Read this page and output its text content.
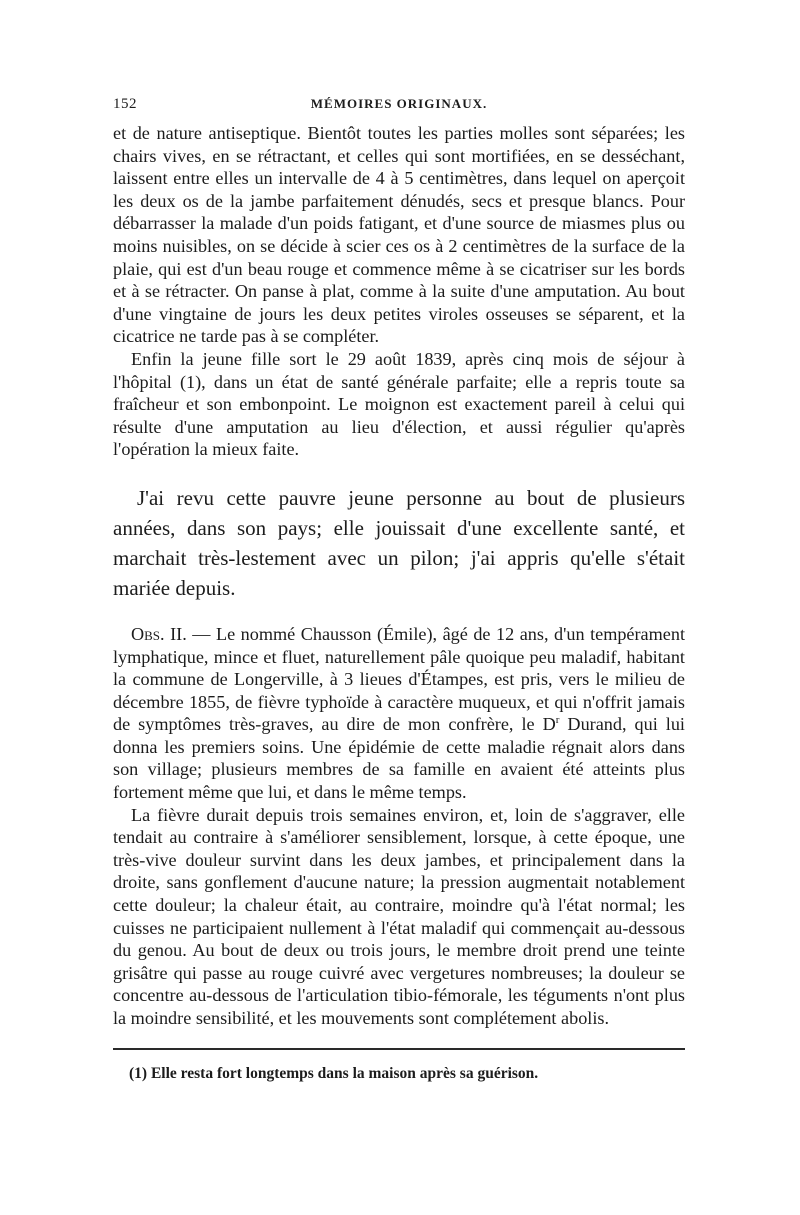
152	MÉMOIRES ORIGINAUX.

et de nature antiseptique. Bientôt toutes les parties molles sont séparées; les chairs vives, en se rétractant, et celles qui sont mortifiées, en se desséchant, laissent entre elles un intervalle de 4 à 5 centimètres, dans lequel on aperçoit les deux os de la jambe parfaitement dénudés, secs et presque blancs. Pour débarrasser la malade d'un poids fatigant, et d'une source de miasmes plus ou moins nuisibles, on se décide à scier ces os à 2 centimètres de la surface de la plaie, qui est d'un beau rouge et commence même à se cicatriser sur les bords et à se rétracter. On panse à plat, comme à la suite d'une amputation. Au bout d'une vingtaine de jours les deux petites viroles osseuses se séparent, et la cicatrice ne tarde pas à se compléter.

Enfin la jeune fille sort le 29 août 1839, après cinq mois de séjour à l'hôpital (1), dans un état de santé générale parfaite; elle a repris toute sa fraîcheur et son embonpoint. Le moignon est exactement pareil à celui qui résulte d'une amputation au lieu d'élection, et aussi régulier qu'après l'opération la mieux faite.

J'ai revu cette pauvre jeune personne au bout de plusieurs années, dans son pays; elle jouissait d'une excellente santé, et marchait très-lestement avec un pilon; j'ai appris qu'elle s'était mariée depuis.

Obs. II. — Le nommé Chausson (Émile), âgé de 12 ans, d'un tempérament lymphatique, mince et fluet, naturellement pâle quoique peu maladif, habitant la commune de Longerville, à 3 lieues d'Étampes, est pris, vers le milieu de décembre 1855, de fièvre typhoïde à caractère muqueux, et qui n'offrit jamais de symptômes très-graves, au dire de mon confrère, le $D^r$ Durand, qui lui donna les premiers soins. Une épidémie de cette maladie régnait alors dans son village; plusieurs membres de sa famille en avaient été atteints plus fortement même que lui, et dans le même temps.

La fièvre durait depuis trois semaines environ, et, loin de s'aggraver, elle tendait au contraire à s'améliorer sensiblement, lorsque, à cette époque, une très-vive douleur survint dans les deux jambes, et principalement dans la droite, sans gonflement d'aucune nature; la pression augmentait notablement cette douleur; la chaleur était, au contraire, moindre qu'à l'état normal; les cuisses ne participaient nullement à l'état maladif qui commençait au-dessous du genou. Au bout de deux ou trois jours, le membre droit prend une teinte grisâtre qui passe au rouge cuivré avec vergetures nombreuses; la douleur se concentre au-dessous de l'articulation tibio-fémorale, les téguments n'ont plus la moindre sensibilité, et les mouvements sont complétement abolis.

(1) Elle resta fort longtemps dans la maison après sa guérison.
